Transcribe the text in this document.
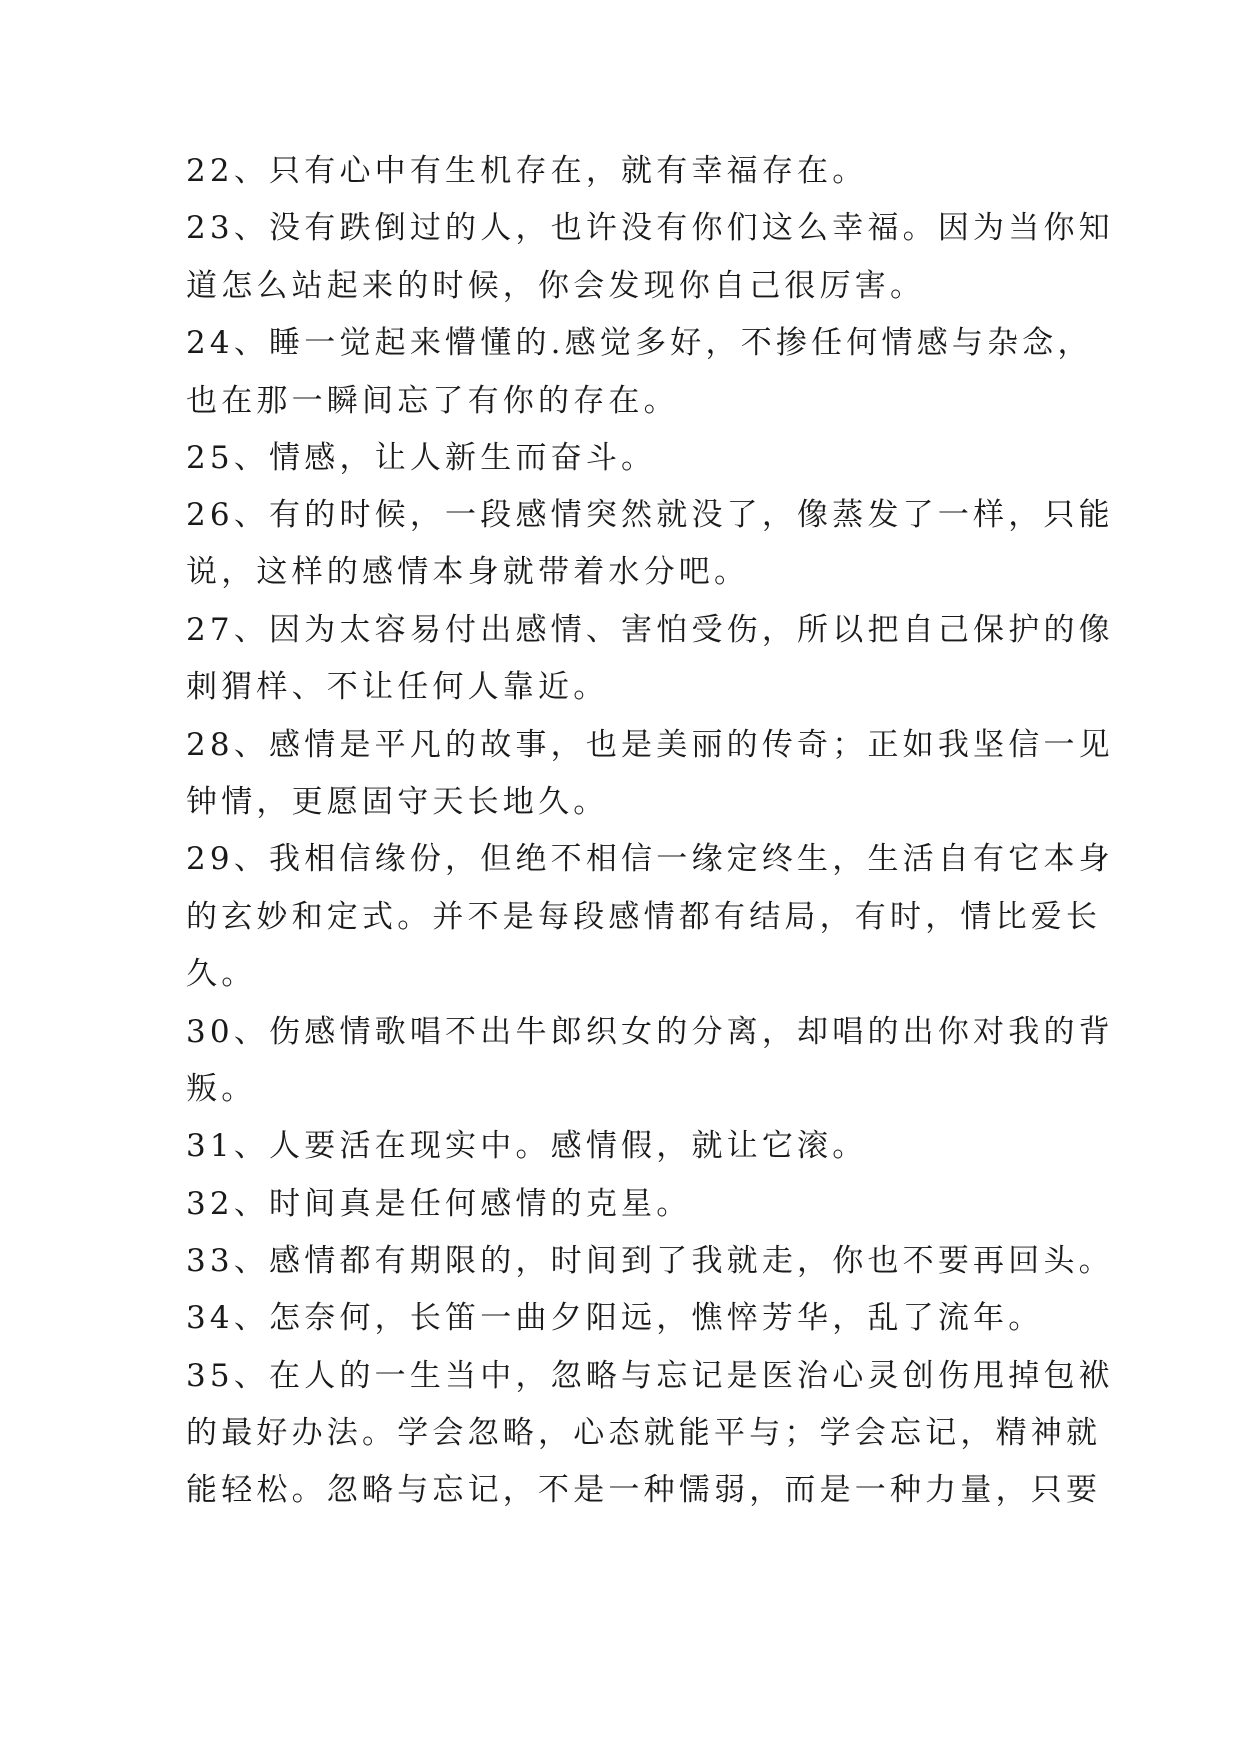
22、只有心中有生机存在，就有幸福存在。
23、没有跌倒过的人，也许没有你们这么幸福。因为当你知
道怎么站起来的时候，你会发现你自己很厉害。
24、睡一觉起来懵懂的.感觉多好，不掺任何情感与杂念，
也在那一瞬间忘了有你的存在。
25、情感，让人新生而奋斗。
26、有的时候，一段感情突然就没了，像蒸发了一样，只能
说，这样的感情本身就带着水分吧。
27、因为太容易付出感情、害怕受伤，所以把自己保护的像
刺猬样、不让任何人靠近。
28、感情是平凡的故事，也是美丽的传奇；正如我坚信一见
钟情，更愿固守天长地久。
29、我相信缘份，但绝不相信一缘定终生，生活自有它本身
的玄妙和定式。并不是每段感情都有结局，有时，情比爱长
久。
30、伤感情歌唱不出牛郎织女的分离，却唱的出你对我的背
叛。
31、人要活在现实中。感情假，就让它滚。
32、时间真是任何感情的克星。
33、感情都有期限的，时间到了我就走，你也不要再回头。
34、怎奈何，长笛一曲夕阳远，憔悴芳华，乱了流年。
35、在人的一生当中，忽略与忘记是医治心灵创伤甩掉包袱
的最好办法。学会忽略，心态就能平与；学会忘记，精神就
能轻松。忽略与忘记，不是一种懦弱，而是一种力量，只要
